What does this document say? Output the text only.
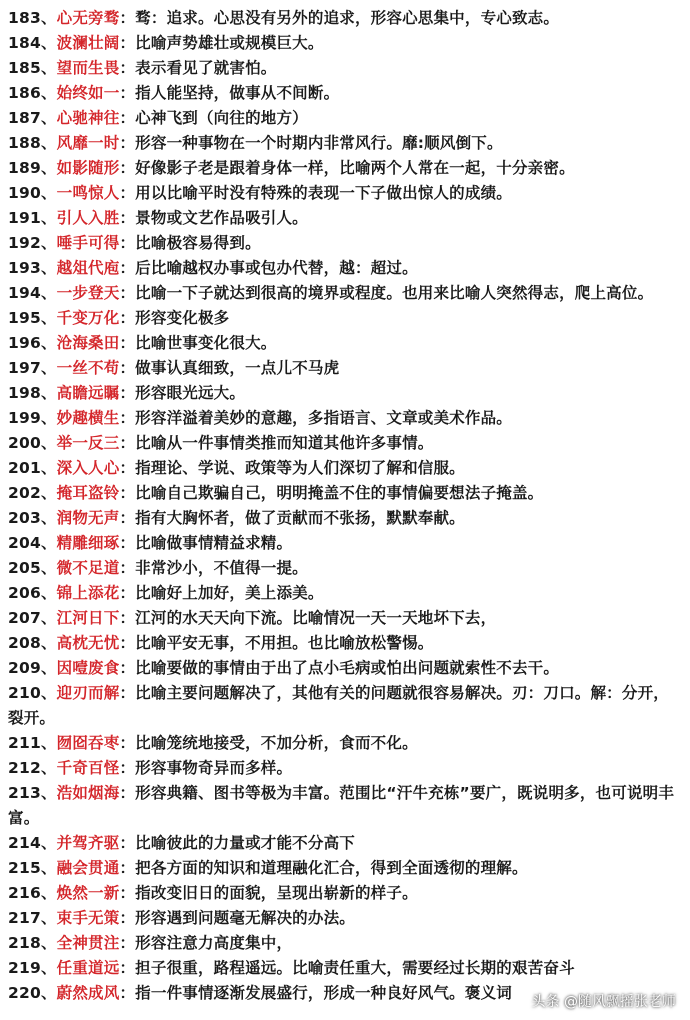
183、心无旁骛：骛：追求。心思没有另外的追求，形容心思集中，专心致志。
184、波澜壮阔：比喻声势雄壮或规模巨大。
185、望而生畏：表示看见了就害怕。
186、始终如一：指人能坚持，做事从不间断。
187、心驰神往：心神飞到（向往的地方）
188、风靡一时：形容一种事物在一个时期内非常风行。靡:顺风倒下。
189、如影随形：好像影子老是跟着身体一样，比喻两个人常在一起，十分亲密。
190、一鸣惊人：用以比喻平时没有特殊的表现一下子做出惊人的成绩。
191、引人入胜：景物或文艺作品吸引人。
192、唾手可得：比喻极容易得到。
193、越俎代庖：后比喻越权办事或包办代替，越：超过。
194、一步登天：比喻一下子就达到很高的境界或程度。也用来比喻人突然得志，爬上高位。
195、千变万化：形容变化极多
196、沧海桑田：比喻世事变化很大。
197、一丝不苟：做事认真细致，一点儿不马虎
198、高瞻远瞩：形容眼光远大。
199、妙趣横生：形容洋溢着美妙的意趣，多指语言、文章或美术作品。
200、举一反三：比喻从一件事情类推而知道其他许多事情。
201、深入人心：指理论、学说、政策等为人们深切了解和信服。
202、掩耳盗铃：比喻自己欺骗自己，明明掩盖不住的事情偏要想法子掩盖。
203、润物无声：指有大胸怀者，做了贡献而不张扬，默默奉献。
204、精雕细琢：比喻做事情精益求精。
205、微不足道：非常沙小，不值得一提。
206、锦上添花：比喻好上加好，美上添美。
207、江河日下：江河的水天天向下流。比喻情况一天一天地坏下去，
208、高枕无忧：比喻平安无事，不用担。也比喻放松警惕。
209、因噎废食：比喻要做的事情由于出了点小毛病或怕出问题就索性不去干。
210、迎刃而解：比喻主要问题解决了，其他有关的问题就很容易解决。刃：刀口。解：分开，裂开。
211、囫囵吞枣：比喻笼统地接受，不加分析，食而不化。
212、千奇百怪：形容事物奇异而多样。
213、浩如烟海：形容典籍、图书等极为丰富。范围比“汗牛充栋”要广，既说明多，也可说明丰富。
214、并驾齐驱：比喻彼此的力量或才能不分高下
215、融会贯通：把各方面的知识和道理融化汇合，得到全面透彻的理解。
216、焕然一新：指改变旧日的面貌，呈现出崭新的样子。
217、束手无策：形容遇到问题毫无解决的办法。
218、全神贯注：形容注意力高度集中，
219、任重道远：担子很重，路程遥远。比喻责任重大，需要经过长期的艰苦奋斗
220、蔚然成风：指一件事情逐渐发展盛行，形成一种良好风气。褒义词	头条 @随风飘摇张老师
